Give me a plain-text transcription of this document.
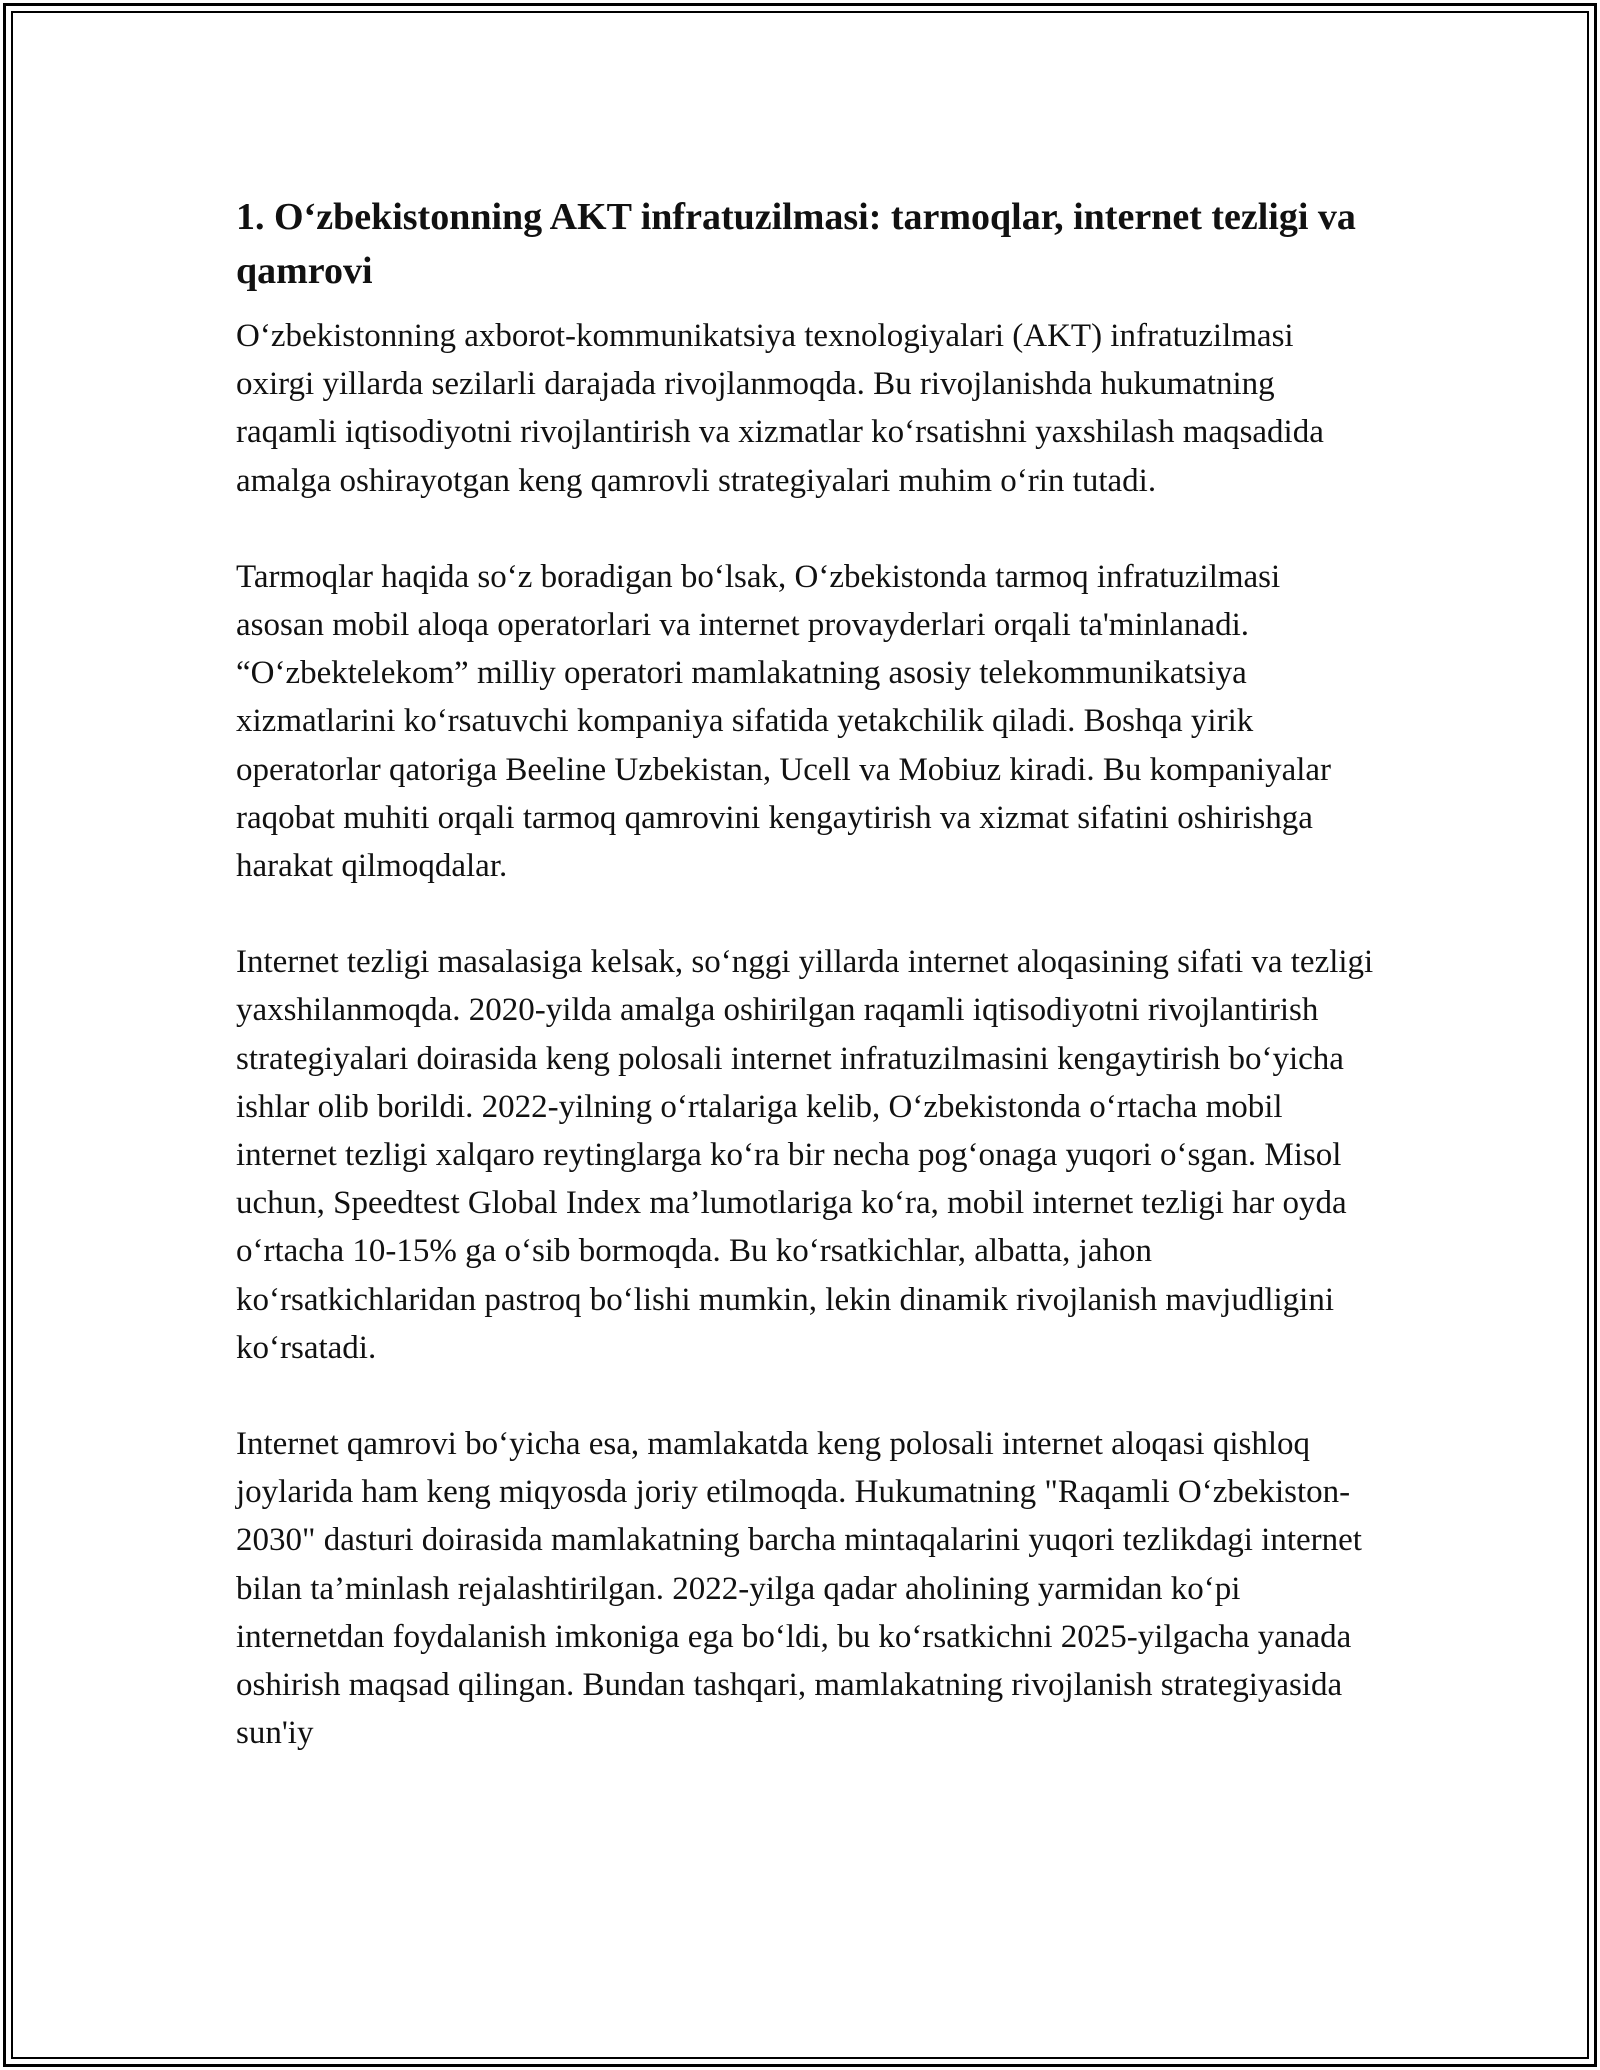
1. O‘zbekistonning AKT infratuzilmasi: tarmoqlar, internet tezligi va qamrovi

O‘zbekistonning axborot-kommunikatsiya texnologiyalari (AKT) infratuzilmasi oxirgi yillarda sezilarli darajada rivojlanmoqda. Bu rivojlanishda hukumatning raqamli iqtisodiyotni rivojlantirish va xizmatlar ko‘rsatishni yaxshilash maqsadida amalga oshirayotgan keng qamrovli strategiyalari muhim o‘rin tutadi.

Tarmoqlar haqida so‘z boradigan bo‘lsak, O‘zbekistonda tarmoq infratuzilmasi asosan mobil aloqa operatorlari va internet provayderlari orqali ta'minlanadi. “O‘zbektelekom” milliy operatori mamlakatning asosiy telekommunikatsiya xizmatlarini ko‘rsatuvchi kompaniya sifatida yetakchilik qiladi. Boshqa yirik operatorlar qatoriga Beeline Uzbekistan, Ucell va Mobiuz kiradi. Bu kompaniyalar raqobat muhiti orqali tarmoq qamrovini kengaytirish va xizmat sifatini oshirishga harakat qilmoqdalar.

Internet tezligi masalasiga kelsak, so‘nggi yillarda internet aloqasining sifati va tezligi yaxshilanmoqda. 2020-yilda amalga oshirilgan raqamli iqtisodiyotni rivojlantirish strategiyalari doirasida keng polosali internet infratuzilmasini kengaytirish bo‘yicha ishlar olib borildi. 2022-yilning o‘rtalariga kelib, O‘zbekistonda o‘rtacha mobil internet tezligi xalqaro reytinglarga ko‘ra bir necha pog‘onaga yuqori o‘sgan. Misol uchun, Speedtest Global Index ma’lumotlariga ko‘ra, mobil internet tezligi har oyda o‘rtacha 10-15% ga o‘sib bormoqda. Bu ko‘rsatkichlar, albatta, jahon ko‘rsatkichlaridan pastroq bo‘lishi mumkin, lekin dinamik rivojlanish mavjudligini ko‘rsatadi.

Internet qamrovi bo‘yicha esa, mamlakatda keng polosali internet aloqasi qishloq joylarida ham keng miqyosda joriy etilmoqda. Hukumatning "Raqamli O‘zbekiston-2030" dasturi doirasida mamlakatning barcha mintaqalarini yuqori tezlikdagi internet bilan ta’minlash rejalashtirilgan. 2022-yilga qadar aholining yarmidan ko‘pi internetdan foydalanish imkoniga ega bo‘ldi, bu ko‘rsatkichni 2025-yilgacha yanada oshirish maqsad qilingan. Bundan tashqari, mamlakatning rivojlanish strategiyasida sun'iy
